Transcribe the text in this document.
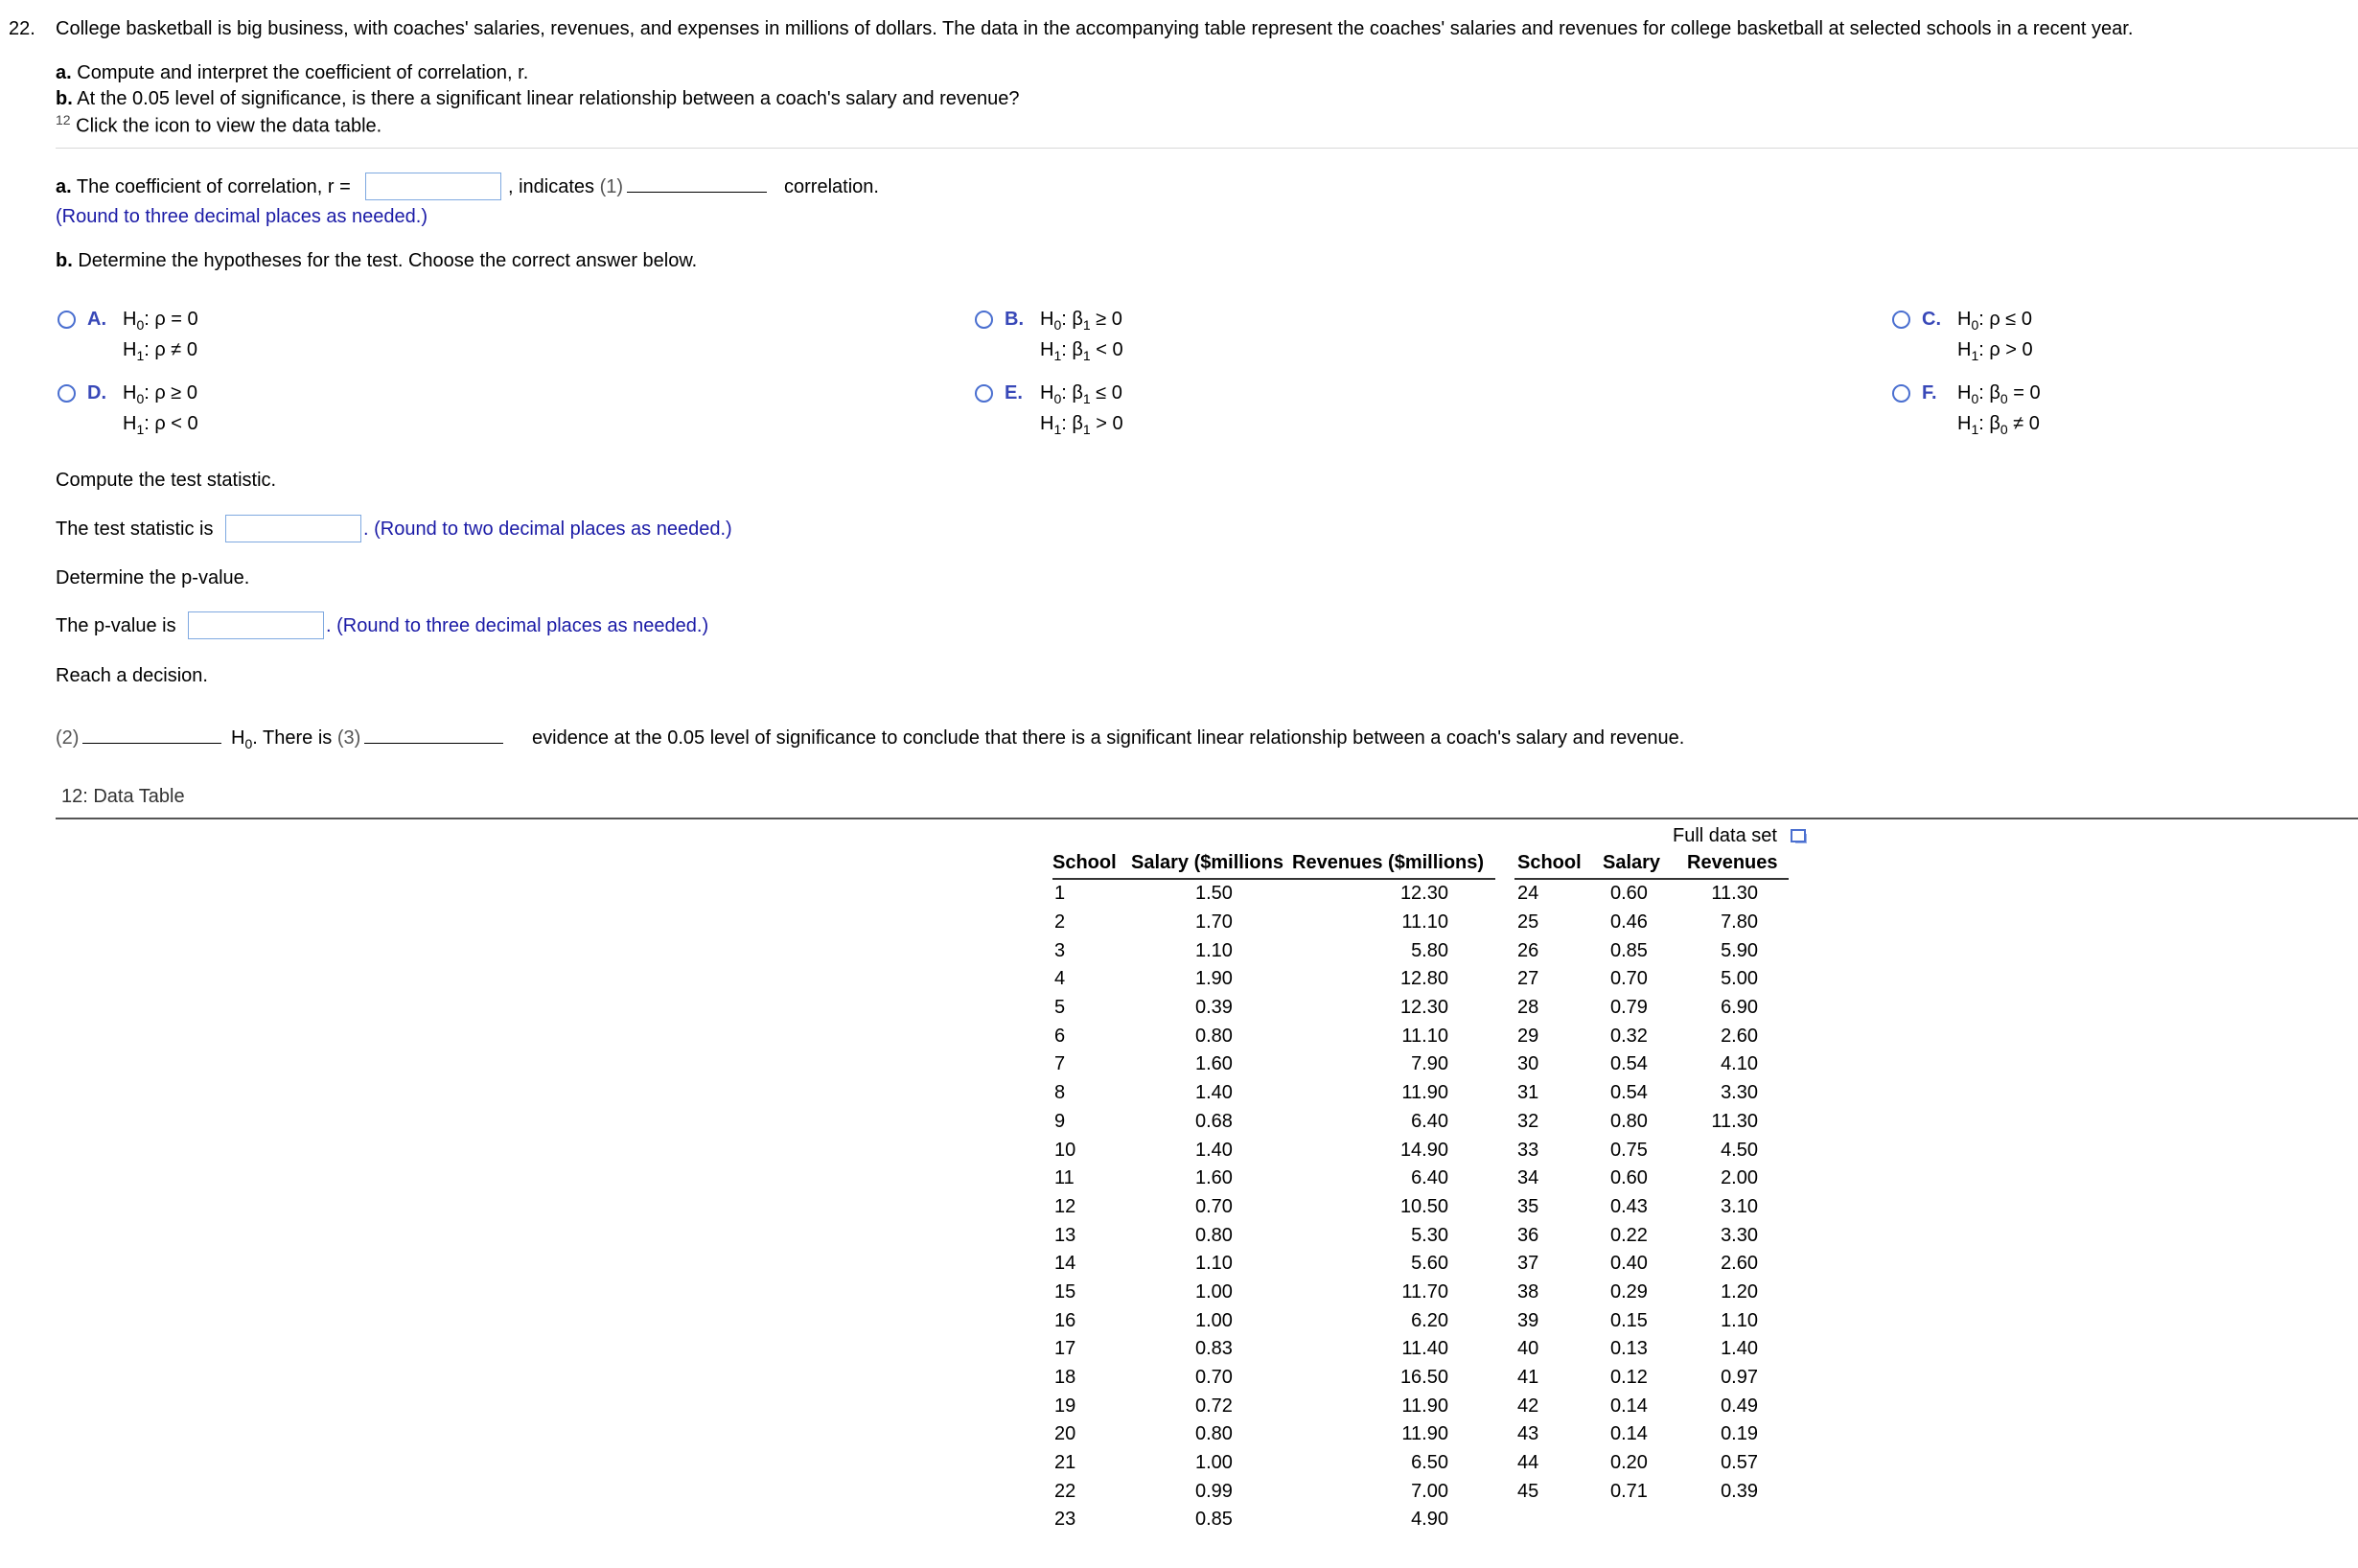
22. College basketball is big business, with coaches' salaries, revenues, and expenses in millions of dollars. The data in the accompanying table represent the coaches' salaries and revenues for college basketball at selected schools in a recent year.
a. Compute and interpret the coefficient of correlation, r.
b. At the 0.05 level of significance, is there a significant linear relationship between a coach's salary and revenue?
$^{12}$ Click the icon to view the data table.
a. The coefficient of correlation, r =	, indicates (1)	correlation.
(Round to three decimal places as needed.)
b. Determine the hypotheses for the test. Choose the correct answer below.
A. $H_0$: ρ = 0
$H_1$: ρ ≠ 0
B. $H_0$: $\beta_1 \ge 0$
$H_1$: $\beta_1 < 0$
C. $H_0$: ρ ≤ 0
$H_1$: ρ > 0
D. $H_0$: ρ ≥ 0
$H_1$: ρ < 0
E. $H_0$: $\beta_1 \le 0$
$H_1$: $\beta_1 > 0$
F. $H_0$: $\beta_0 = 0$
$H_1$: $\beta_0 \ne 0$
Compute the test statistic.
The test statistic is	. (Round to two decimal places as needed.)
Determine the p-value.
The p-value is	. (Round to three decimal places as needed.)
Reach a decision.
(2)	$H_0$. There is (3)	evidence at the 0.05 level of significance to conclude that there is a significant linear relationship between a coach's salary and revenue.
12: Data Table
Full data set
School	Salary ($millions	Revenues ($millions)
1	1.50	12.30
2	1.70	11.10
3	1.10	5.80
4	1.90	12.80
5	0.39	12.30
6	0.80	11.10
7	1.60	7.90
8	1.40	11.90
9	0.68	6.40
10	1.40	14.90
11	1.60	6.40
12	0.70	10.50
13	0.80	5.30
14	1.10	5.60
15	1.00	11.70
16	1.00	6.20
17	0.83	11.40
18	0.70	16.50
19	0.72	11.90
20	0.80	11.90
21	1.00	6.50
22	0.99	7.00
23	0.85	4.90
School	Salary	Revenues
24	0.60	11.30
25	0.46	7.80
26	0.85	5.90
27	0.70	5.00
28	0.79	6.90
29	0.32	2.60
30	0.54	4.10
31	0.54	3.30
32	0.80	11.30
33	0.75	4.50
34	0.60	2.00
35	0.43	3.10
36	0.22	3.30
37	0.40	2.60
38	0.29	1.20
39	0.15	1.10
40	0.13	1.40
41	0.12	0.97
42	0.14	0.49
43	0.14	0.19
44	0.20	0.57
45	0.71	0.39
